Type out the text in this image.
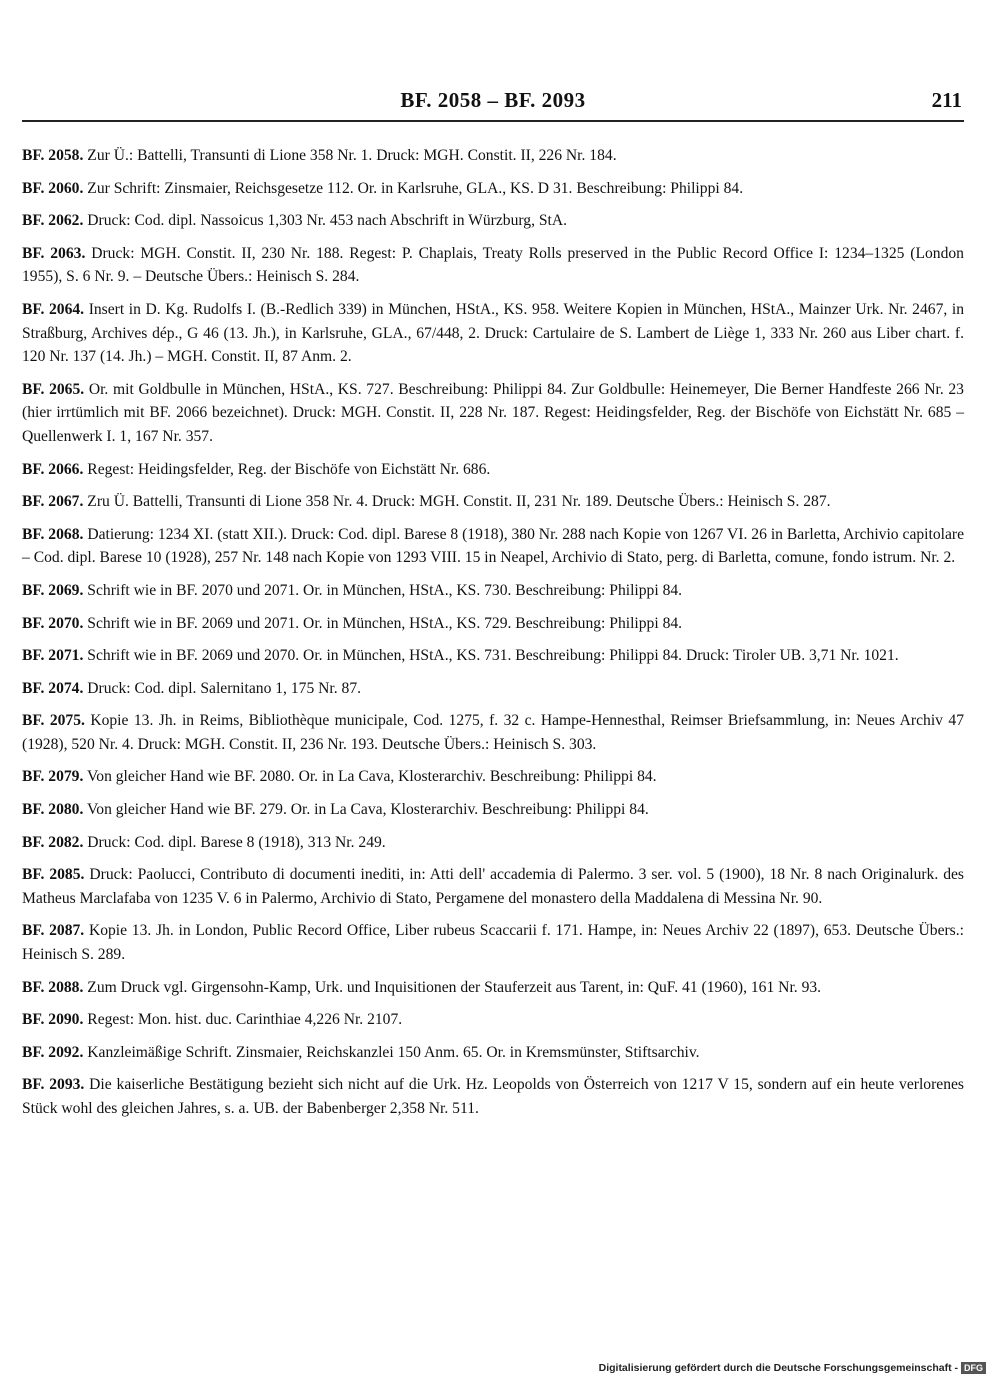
BF. 2058 – BF. 2093	211

BF. 2058. Zur Ü.: Battelli, Transunti di Lione 358 Nr. 1. Druck: MGH. Constit. II, 226 Nr. 184.

BF. 2060. Zur Schrift: Zinsmaier, Reichsgesetze 112. Or. in Karlsruhe, GLA., KS. D 31. Beschreibung: Philippi 84.

BF. 2062. Druck: Cod. dipl. Nassoicus 1,303 Nr. 453 nach Abschrift in Würzburg, StA.

BF. 2063. Druck: MGH. Constit. II, 230 Nr. 188. Regest: P. Chaplais, Treaty Rolls preserved in the Public Record Office I: 1234–1325 (London 1955), S. 6 Nr. 9. – Deutsche Übers.: Heinisch S. 284.

BF. 2064. Insert in D. Kg. Rudolfs I. (B.-Redlich 339) in München, HStA., KS. 958. Weitere Kopien in München, HStA., Mainzer Urk. Nr. 2467, in Straßburg, Archives dép., G 46 (13. Jh.), in Karlsruhe, GLA., 67/448, 2. Druck: Cartulaire de S. Lambert de Liège 1, 333 Nr. 260 aus Liber chart. f. 120 Nr. 137 (14. Jh.) – MGH. Constit. II, 87 Anm. 2.

BF. 2065. Or. mit Goldbulle in München, HStA., KS. 727. Beschreibung: Philippi 84. Zur Goldbulle: Heinemeyer, Die Berner Handfeste 266 Nr. 23 (hier irrtümlich mit BF. 2066 bezeichnet). Druck: MGH. Constit. II, 228 Nr. 187. Regest: Heidingsfelder, Reg. der Bischöfe von Eichstätt Nr. 685 – Quellenwerk I. 1, 167 Nr. 357.

BF. 2066. Regest: Heidingsfelder, Reg. der Bischöfe von Eichstätt Nr. 686.

BF. 2067. Zru Ü. Battelli, Transunti di Lione 358 Nr. 4. Druck: MGH. Constit. II, 231 Nr. 189. Deutsche Übers.: Heinisch S. 287.

BF. 2068. Datierung: 1234 XI. (statt XII.). Druck: Cod. dipl. Barese 8 (1918), 380 Nr. 288 nach Kopie von 1267 VI. 26 in Barletta, Archivio capitolare – Cod. dipl. Barese 10 (1928), 257 Nr. 148 nach Kopie von 1293 VIII. 15 in Neapel, Archivio di Stato, perg. di Barletta, comune, fondo istrum. Nr. 2.

BF. 2069. Schrift wie in BF. 2070 und 2071. Or. in München, HStA., KS. 730. Beschreibung: Philippi 84.

BF. 2070. Schrift wie in BF. 2069 und 2071. Or. in München, HStA., KS. 729. Beschreibung: Philippi 84.

BF. 2071. Schrift wie in BF. 2069 und 2070. Or. in München, HStA., KS. 731. Beschreibung: Philippi 84. Druck: Tiroler UB. 3,71 Nr. 1021.

BF. 2074. Druck: Cod. dipl. Salernitano 1, 175 Nr. 87.

BF. 2075. Kopie 13. Jh. in Reims, Bibliothèque municipale, Cod. 1275, f. 32 c. Hampe-Hennesthal, Reimser Briefsammlung, in: Neues Archiv 47 (1928), 520 Nr. 4. Druck: MGH. Constit. II, 236 Nr. 193. Deutsche Übers.: Heinisch S. 303.

BF. 2079. Von gleicher Hand wie BF. 2080. Or. in La Cava, Klosterarchiv. Beschreibung: Philippi 84.

BF. 2080. Von gleicher Hand wie BF. 279. Or. in La Cava, Klosterarchiv. Beschreibung: Philippi 84.

BF. 2082. Druck: Cod. dipl. Barese 8 (1918), 313 Nr. 249.

BF. 2085. Druck: Paolucci, Contributo di documenti inediti, in: Atti dell' accademia di Palermo. 3 ser. vol. 5 (1900), 18 Nr. 8 nach Originalurk. des Matheus Marclafaba von 1235 V. 6 in Palermo, Archivio di Stato, Pergamene del monastero della Maddalena di Messina Nr. 90.

BF. 2087. Kopie 13. Jh. in London, Public Record Office, Liber rubeus Scaccarii f. 171. Hampe, in: Neues Archiv 22 (1897), 653. Deutsche Übers.: Heinisch S. 289.

BF. 2088. Zum Druck vgl. Girgensohn-Kamp, Urk. und Inquisitionen der Stauferzeit aus Tarent, in: QuF. 41 (1960), 161 Nr. 93.

BF. 2090. Regest: Mon. hist. duc. Carinthiae 4,226 Nr. 2107.

BF. 2092. Kanzleimäßige Schrift. Zinsmaier, Reichskanzlei 150 Anm. 65. Or. in Kremsmünster, Stiftsarchiv.

BF. 2093. Die kaiserliche Bestätigung bezieht sich nicht auf die Urk. Hz. Leopolds von Österreich von 1217 V 15, sondern auf ein heute verlorenes Stück wohl des gleichen Jahres, s. a. UB. der Babenberger 2,358 Nr. 511.

Digitalisierung gefördert durch die Deutsche Forschungsgemeinschaft - DFG
